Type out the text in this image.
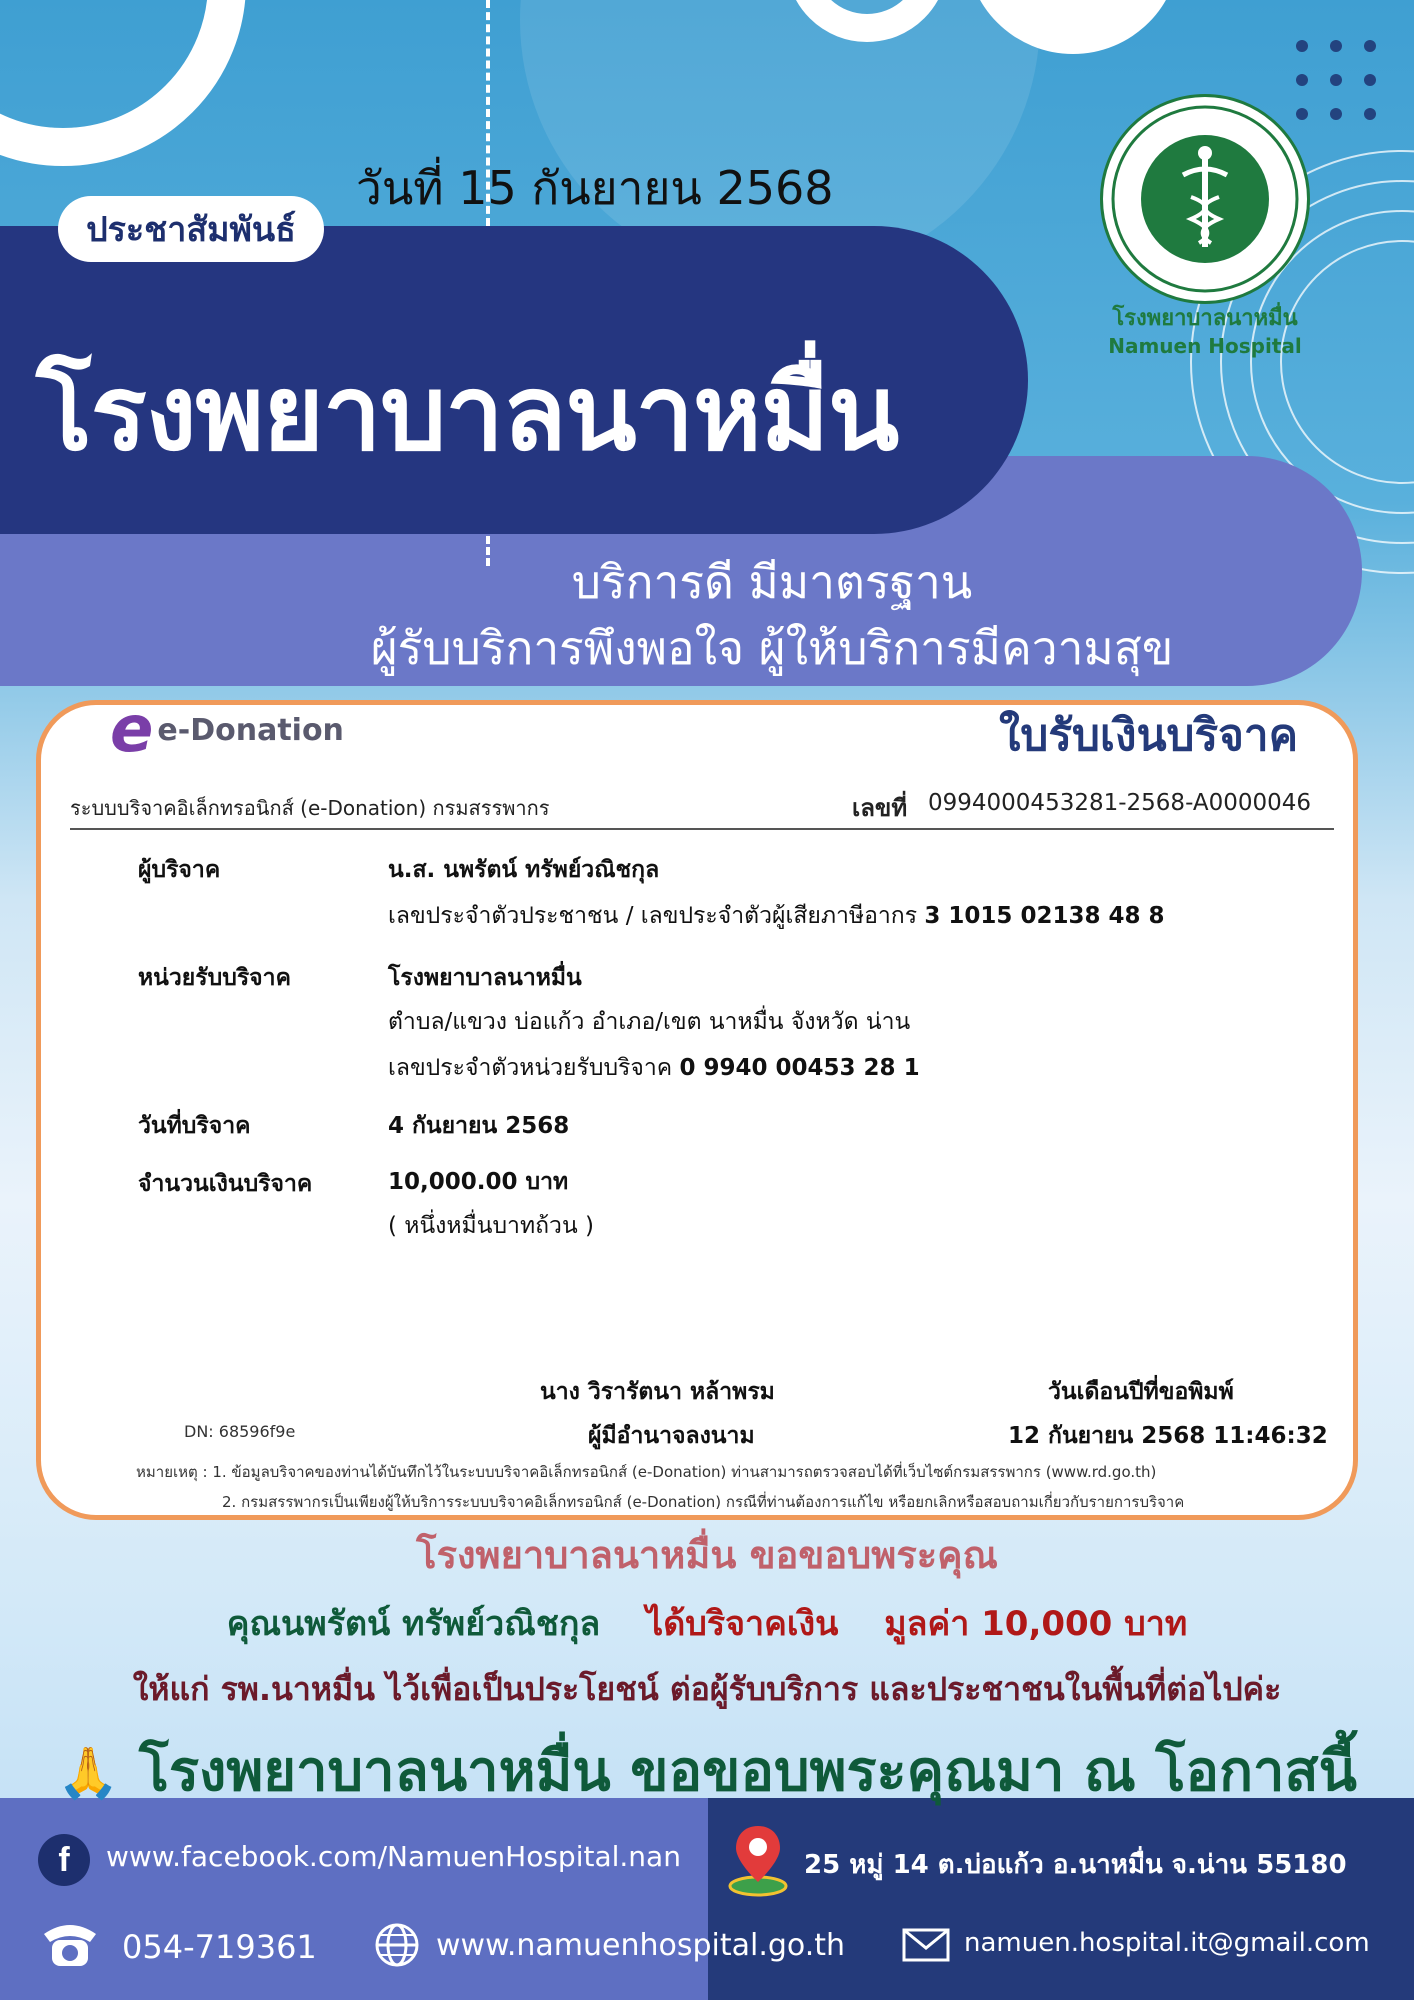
วันที่ 15 กันยายน 2568
ประชาสัมพันธ์
โรงพยาบาลนาหมื่น
บริการดี มีมาตรฐาน
ผู้รับบริการพึงพอใจ ผู้ให้บริการมีความสุข
โรงพยาบาลนาหมื่น
Namuen Hospital
e e-Donation	ใบรับเงินบริจาค
ระบบบริจาคอิเล็กทรอนิกส์ (e-Donation) กรมสรรพากร	เลขที่ 0994000453281-2568-A0000046
ผู้บริจาค	น.ส. นพรัตน์ ทรัพย์วณิชกุล
เลขประจำตัวประชาชน / เลขประจำตัวผู้เสียภาษีอากร 3 1015 02138 48 8
หน่วยรับบริจาค	โรงพยาบาลนาหมื่น
ตำบล/แขวง บ่อแก้ว อำเภอ/เขต นาหมื่น จังหวัด น่าน
เลขประจำตัวหน่วยรับบริจาค 0 9940 00453 28 1
วันที่บริจาค	4 กันยายน 2568
จำนวนเงินบริจาค	10,000.00 บาท
( หนึ่งหมื่นบาทถ้วน )
นาง วิรารัตนา หล้าพรม
ผู้มีอำนาจลงนาม
วันเดือนปีที่ขอพิมพ์
12 กันยายน 2568 11:46:32
DN: 68596f9e
หมายเหตุ : 1. ข้อมูลบริจาคของท่านได้บันทึกไว้ในระบบบริจาคอิเล็กทรอนิกส์ (e-Donation) ท่านสามารถตรวจสอบได้ที่เว็บไซต์กรมสรรพากร (www.rd.go.th)
2. กรมสรรพากรเป็นเพียงผู้ให้บริการระบบบริจาคอิเล็กทรอนิกส์ (e-Donation) กรณีที่ท่านต้องการแก้ไข หรือยกเลิกหรือสอบถามเกี่ยวกับรายการบริจาค
โรงพยาบาลนาหมื่น ขอขอบพระคุณ
คุณนพรัตน์ ทรัพย์วณิชกุล ได้บริจาคเงิน มูลค่า 10,000 บาท
ให้แก่ รพ.นาหมื่น ไว้เพื่อเป็นประโยชน์ ต่อผู้รับบริการ และประชาชนในพื้นที่ต่อไปค่ะ
🙏 โรงพยาบาลนาหมื่น ขอขอบพระคุณมา ณ โอกาสนี้
f	www.facebook.com/NamuenHospital.nan	25 หมู่ 14 ต.บ่อแก้ว อ.นาหมื่น จ.น่าน 55180
054-719361	www.namuenhospital.go.th	namuen.hospital.it@gmail.com
